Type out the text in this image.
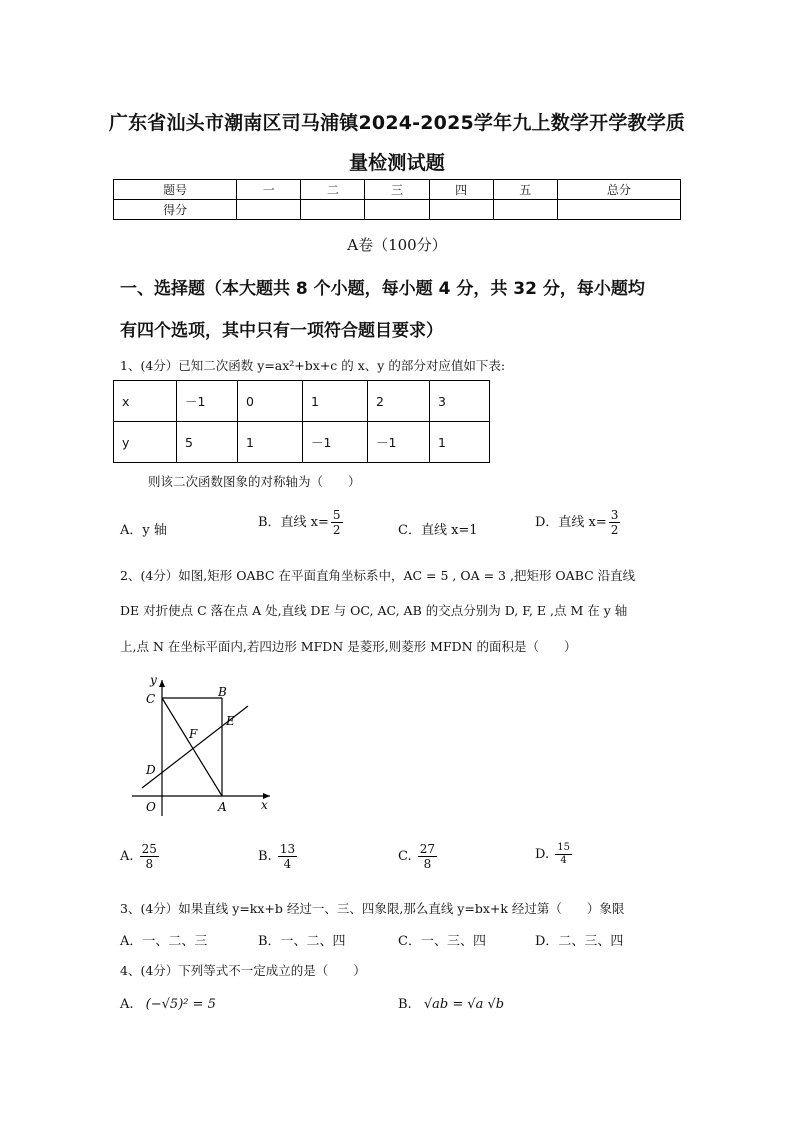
广东省汕头市潮南区司马浦镇2024-2025学年九上数学开学教学质
量检测试题
题号	一	二	三	四	五	总分
得分						
A卷（100分）
一、选择题（本大题共 8 个小题，每小题 4 分，共 32 分，每小题均
有四个选项，其中只有一项符合题目要求）
1、(4分）已知二次函数 y=ax²+bx+c 的 x、y 的部分对应值如下表:
x	－1	0	1	2	3
y	5	1	－1	－1	1
则该二次函数图象的对称轴为（　　）
A．y 轴
B．直线 $x= \frac{5}{2}$	C．直线 x=1
D．直线 $x= \frac{3}{2}$
2、(4分）如图,矩形 OABC 在平面直角坐标系中，AC = 5 , OA = 3 ,把矩形 OABC 沿直线
DE 对折使点 C 落在点 A 处,直线 DE 与 OC, AC, AB 的交点分别为 D, F, E ,点 M 在 y 轴
上,点 N 在坐标平面内,若四边形 MFDN 是菱形,则菱形 MFDN 的面积是（　　）
y
x
O	A
B
C
D
E
F
A. $\frac{25}{8}$	B. $\frac{13}{4}$	C. $\frac{27}{8}$	D. $\frac{15}{4}$
3、(4分）如果直线 y=kx+b 经过一、三、四象限,那么直线 y=bx+k 经过第（　　）象限
A．一、二、三	B．一、二、四	C．一、三、四	D．二、三、四
4、(4分）下列等式不一定成立的是（　　）
A. (−√5)² = 5	B. √ab = √a √b
